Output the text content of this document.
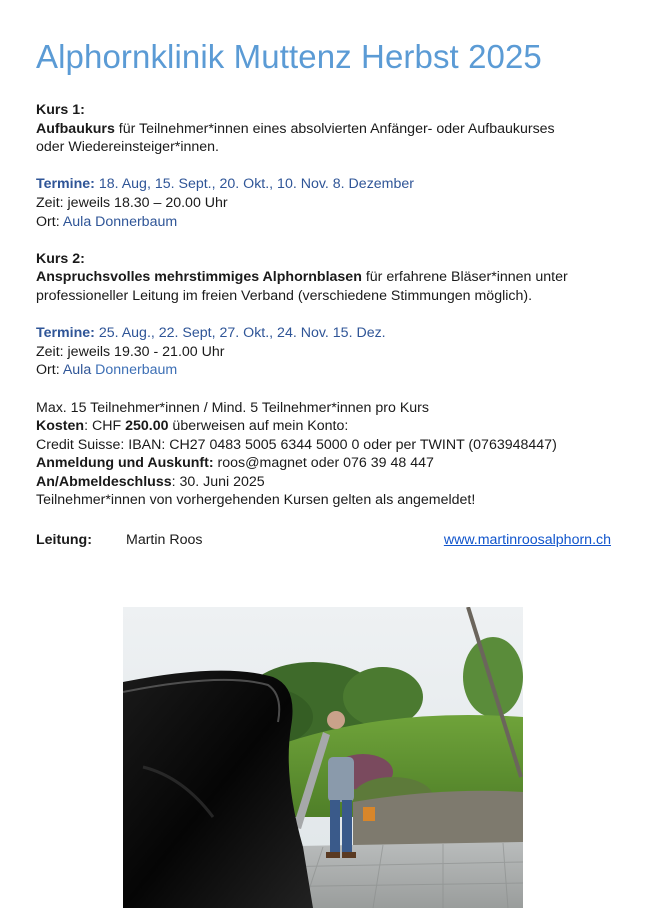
Alphornklinik Muttenz Herbst 2025

Kurs 1:

Aufbaukurs für Teilnehmer*innen eines absolvierten Anfänger- oder Aufbaukurses

oder Wiedereinsteiger*innen.

Termine: 18. Aug, 15. Sept., 20. Okt., 10. Nov. 8. Dezember

Zeit: jeweils 18.30 – 20.00 Uhr

Ort: Aula Donnerbaum

Kurs 2:

Anspruchsvolles mehrstimmiges Alphornblasen für erfahrene Bläser*innen unter

professioneller Leitung im freien Verband (verschiedene Stimmungen möglich).

Termine: 25. Aug., 22. Sept, 27. Okt., 24. Nov. 15. Dez.

Zeit: jeweils 19.30 - 21.00 Uhr

Ort: Aula Donnerbaum

Max. 15 Teilnehmer*innen / Mind. 5 Teilnehmer*innen pro Kurs

Kosten: CHF 250.00 überweisen auf mein Konto:

Credit Suisse: IBAN: CH27 0483 5005 6344 5000 0 oder per TWINT (0763948447)

Anmeldung und Auskunft: roos@magnet oder 076 39 48 447

An/Abmeldeschluss: 30. Juni 2025

Teilnehmer*innen von vorhergehenden Kursen gelten als angemeldet!

Leitung: Martin Roos	www.martinroosalphorn.ch
